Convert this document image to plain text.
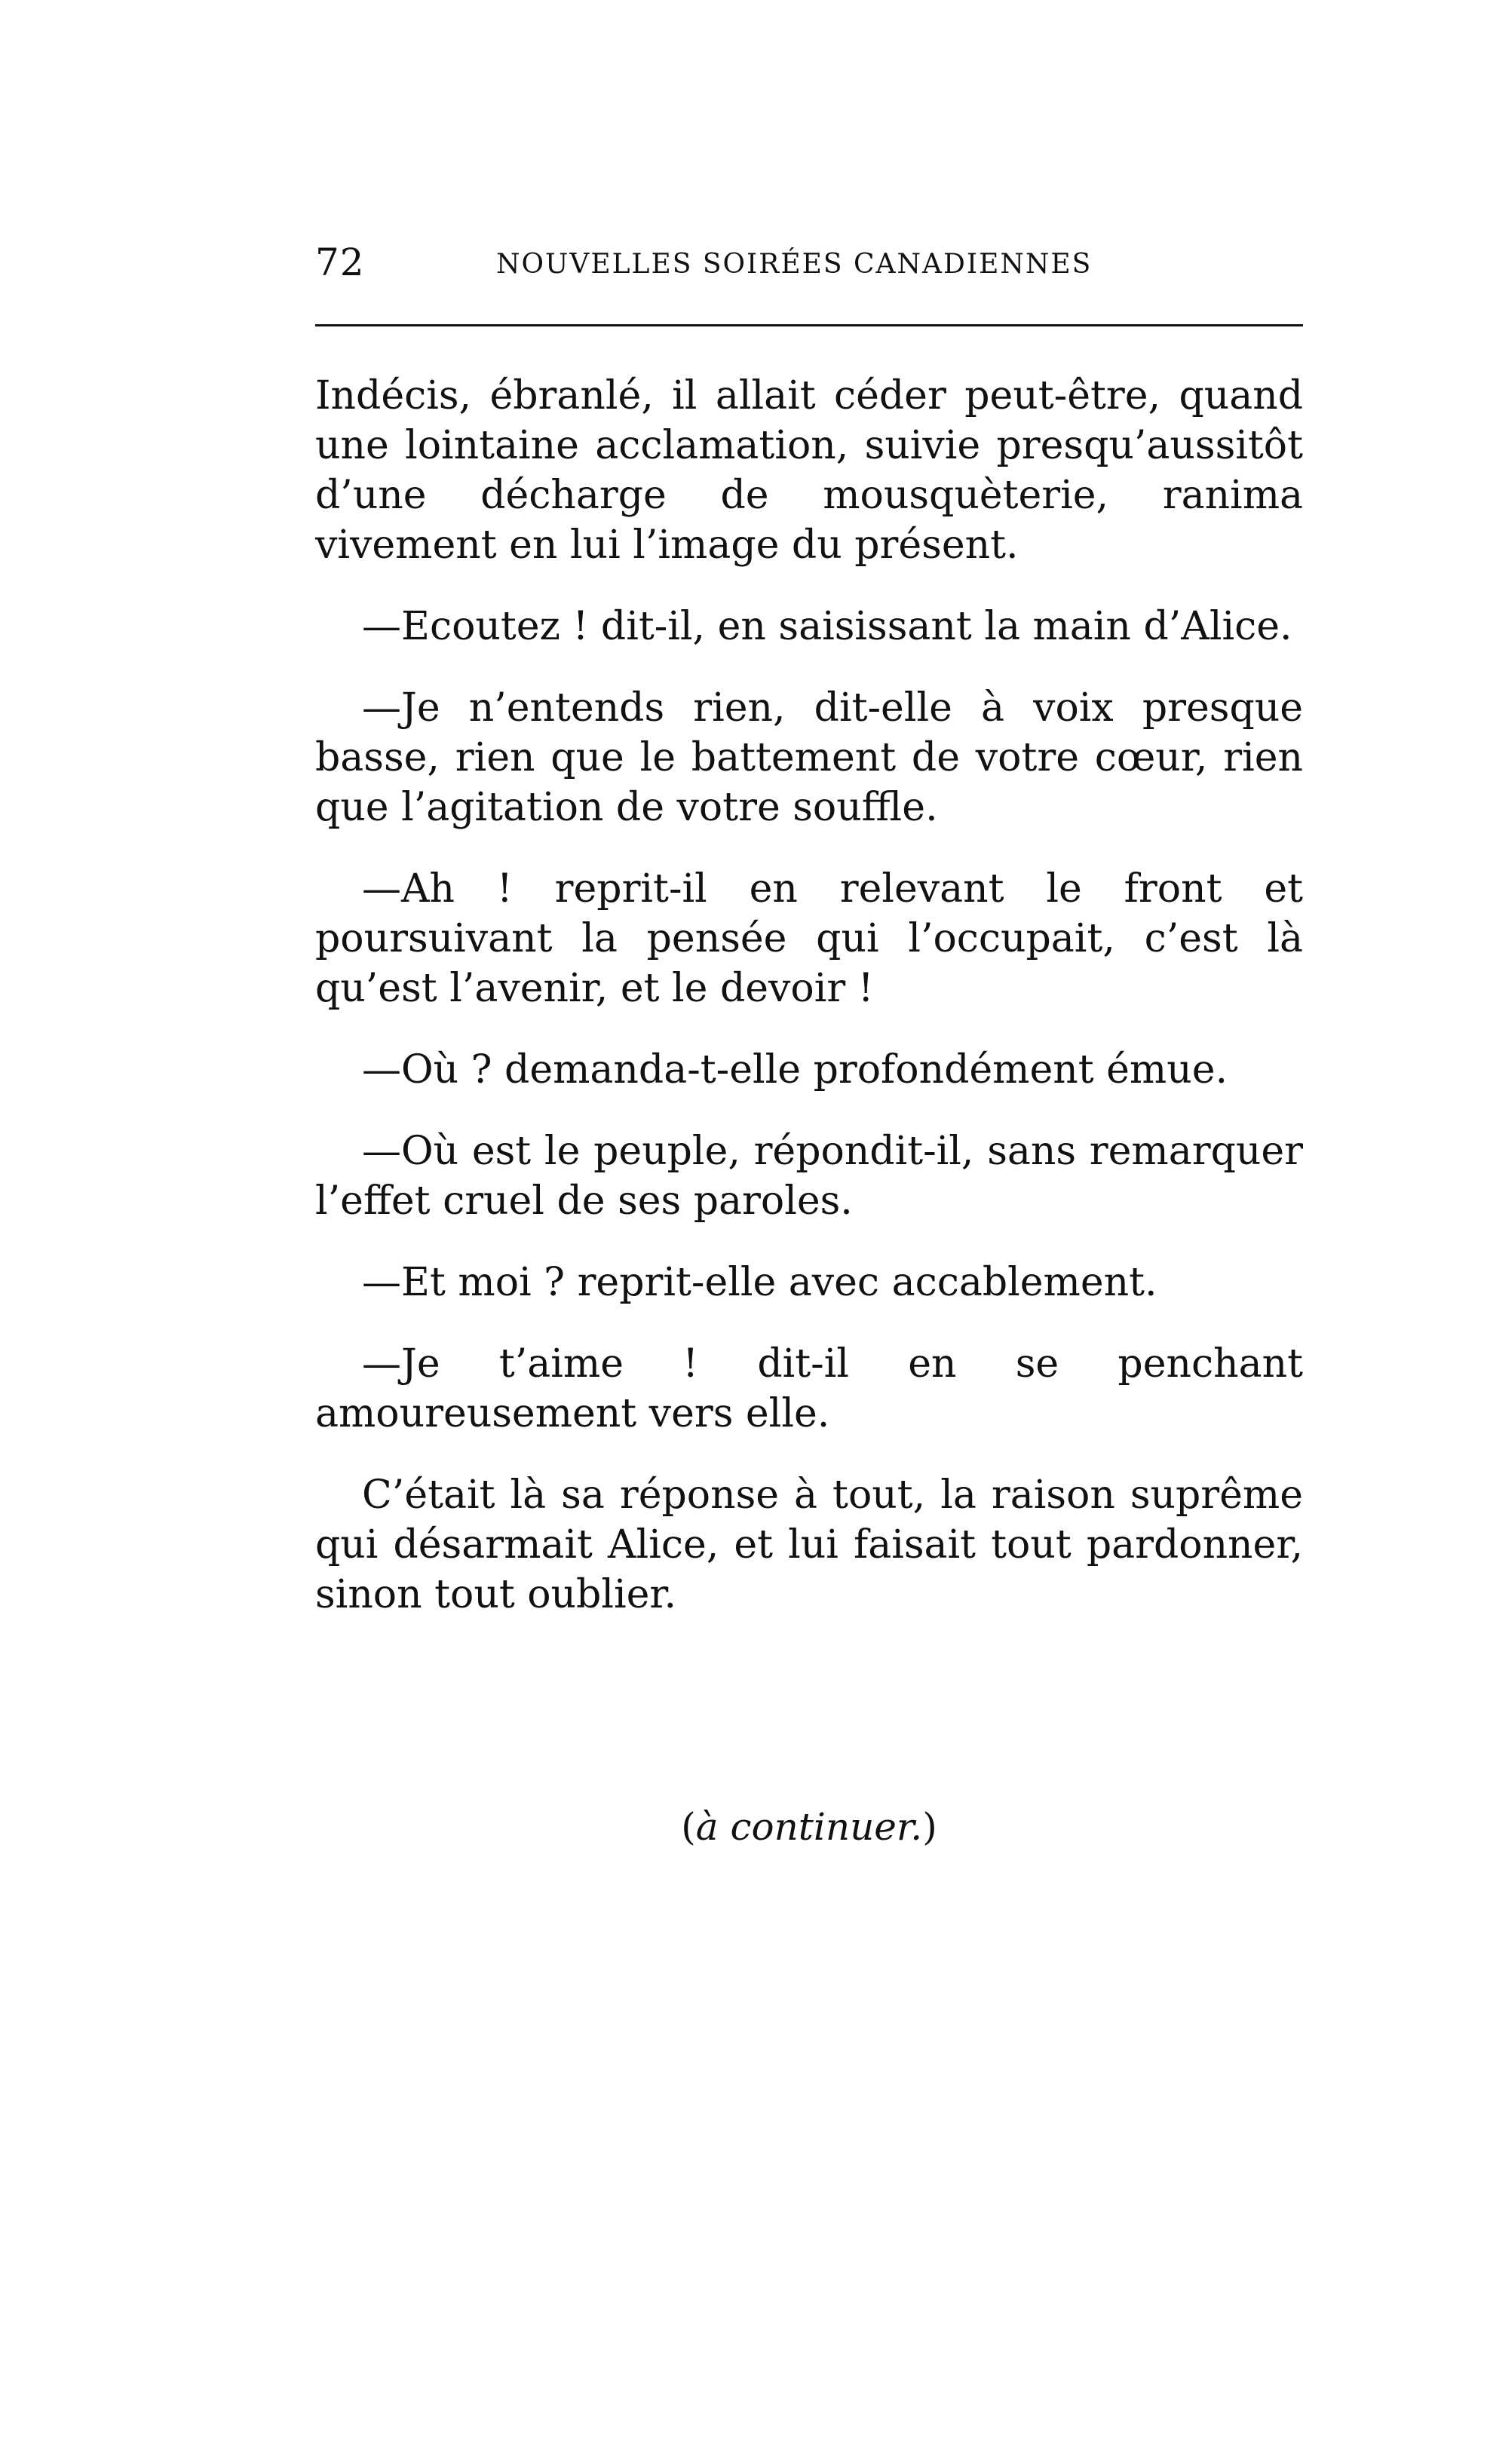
72	NOUVELLES SOIRÉES CANADIENNES

Indécis, ébranlé, il allait céder peut-être, quand une lointaine acclamation, suivie presqu’aussitôt d’une décharge de mousquèterie, ranima vivement en lui l’image du présent.

—Ecoutez ! dit-il, en saisissant la main d’Alice.

—Je n’entends rien, dit-elle à voix presque basse, rien que le battement de votre cœur, rien que l’agitation de votre souffle.

—Ah ! reprit-il en relevant le front et poursuivant la pensée qui l’occupait, c’est là qu’est l’avenir, et le devoir !

—Où ? demanda-t-elle profondément émue.

—Où est le peuple, répondit-il, sans remarquer l’effet cruel de ses paroles.

—Et moi ? reprit-elle avec accablement.

—Je t’aime ! dit-il en se penchant amoureusement vers elle.

C’était là sa réponse à tout, la raison suprême qui désarmait Alice, et lui faisait tout pardonner, sinon tout oublier.

(à continuer.)
